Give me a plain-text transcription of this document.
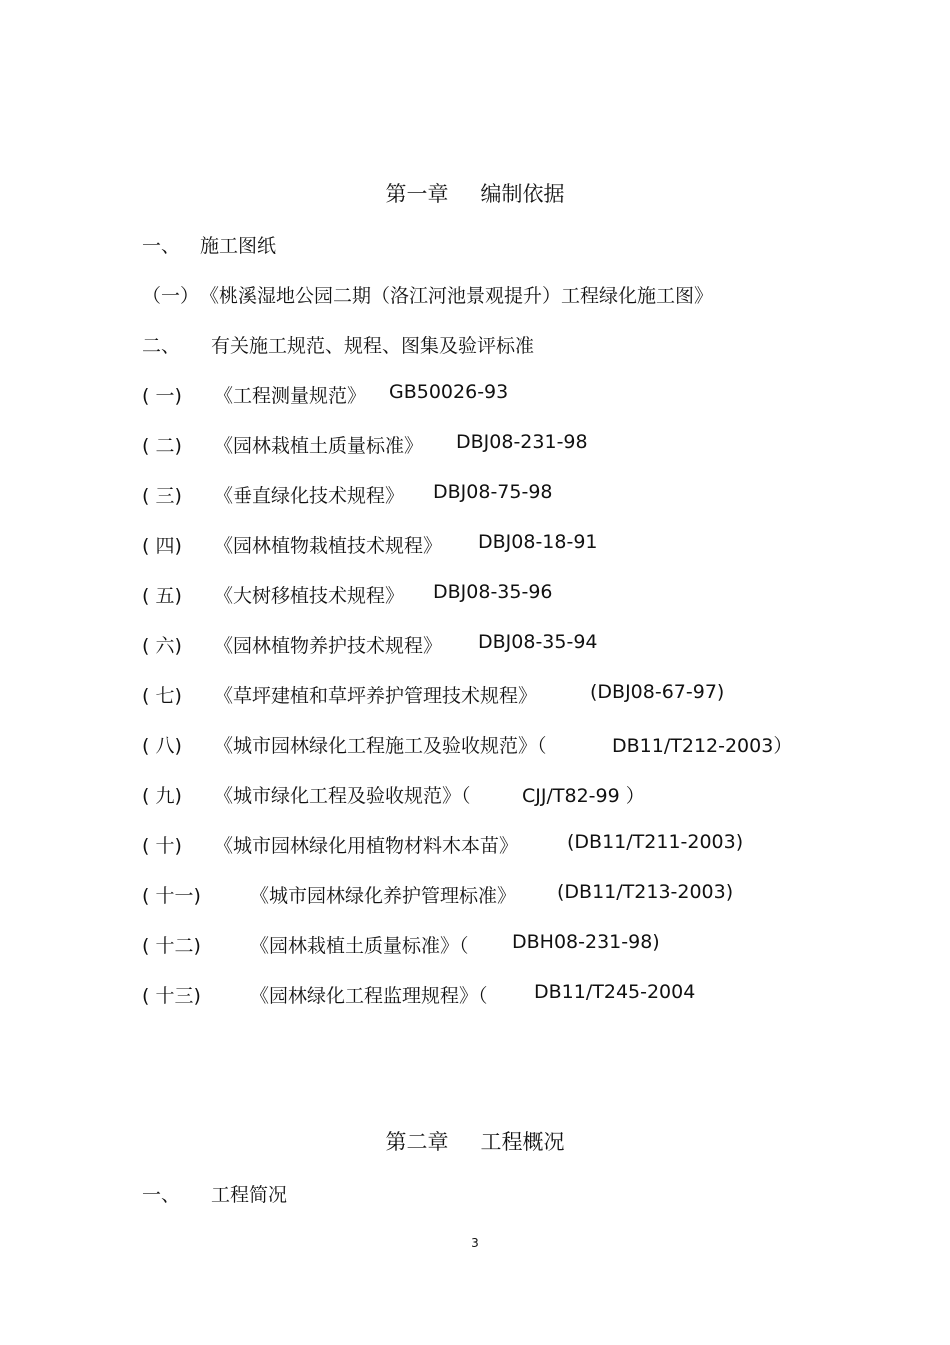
第一章 编制依据
一、 施工图纸
（一） 《桃溪湿地公园二期（洛江河池景观提升）工程绿化施工图》
二、 有关施工规范、规程、图集及验评标准
( 一) 《工程测量规范》 GB50026-93
( 二) 《园林栽植土质量标准》 DBJ08-231-98
( 三) 《垂直绿化技术规程》 DBJ08-75-98
( 四) 《园林植物栽植技术规程》 DBJ08-18-91
( 五) 《大树移植技术规程》 DBJ08-35-96
( 六) 《园林植物养护技术规程》 DBJ08-35-94
( 七) 《草坪建植和草坪养护管理技术规程》	(DBJ08-67-97)
( 八) 《城市园林绿化工程施工及验收规范》（	DB11/T212-2003）
( 九) 《城市绿化工程及验收规范》（	CJJ/T82-99 ）
( 十) 《城市园林绿化用植物材料木本苗》	(DB11/T211-2003)
( 十一)	《城市园林绿化养护管理标准》 (DB11/T213-2003)
( 十二)	《园林栽植土质量标准》（ DBH08-231-98)
( 十三)	《园林绿化工程监理规程》（ DB11/T245-2004
第二章 工程概况
一、 工程简况
3
